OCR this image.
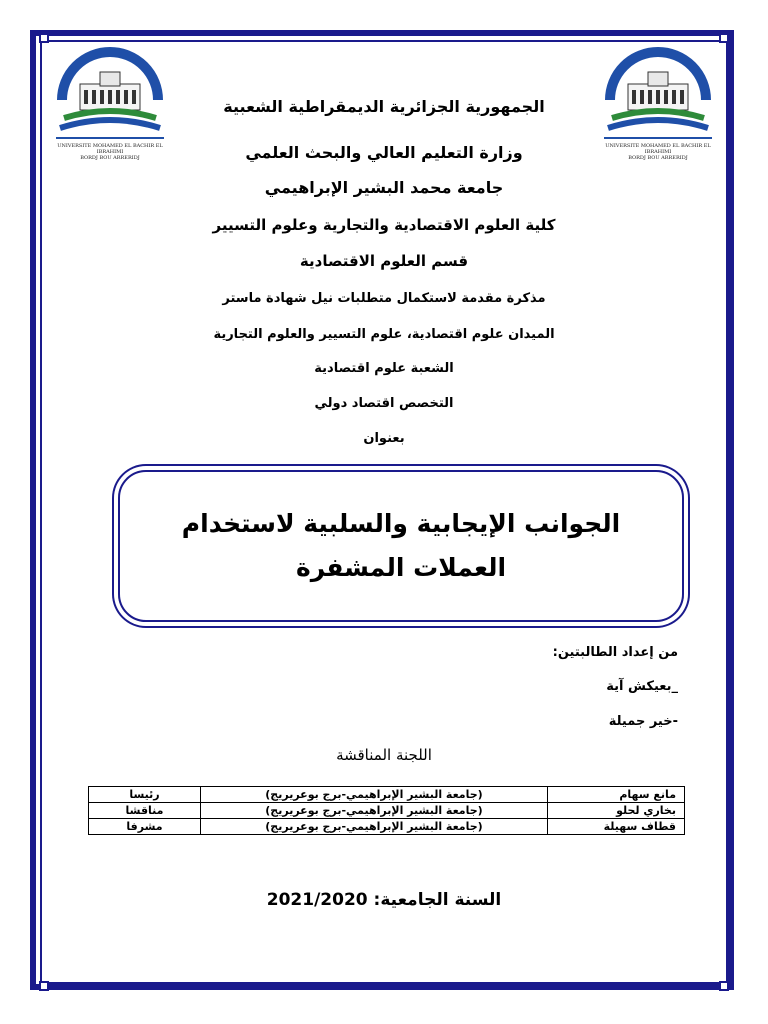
UNIVERSITE MOHAMED EL BACHIR EL IBRAHIMI
BORDJ BOU ARRERIDJ
UNIVERSITE MOHAMED EL BACHIR EL IBRAHIMI
BORDJ BOU ARRERIDJ
الجمهورية الجزائرية الديمقراطية الشعبية
وزارة التعليم العالي والبحث العلمي
جامعة محمد البشير الإبراهيمي
كلية العلوم الاقتصادية والتجارية وعلوم التسيير
قسم العلوم الاقتصادية
مذكرة مقدمة لاستكمال متطلبات نيل شهادة ماستر
الميدان علوم اقتصادية، علوم التسيير والعلوم التجارية
الشعبة علوم اقتصادية
التخصص اقتصاد دولي
بعنوان
الجوانب الإيجابية والسلبية لاستخدام
العملات المشفرة
من إعداد الطالبتين:
_بعيكش آية
-خير جميلة
اللجنة المناقشة
مانع سهام	(جامعة البشير الإبراهيمي-برج بوعريريج)	رئيسا
بخاري لحلو	(جامعة البشير الإبراهيمي-برج بوعريريج)	مناقشا
قطاف سهيلة	(جامعة البشير الإبراهيمي-برج بوعريريج)	مشرفا
السنة الجامعية: 2021/2020
